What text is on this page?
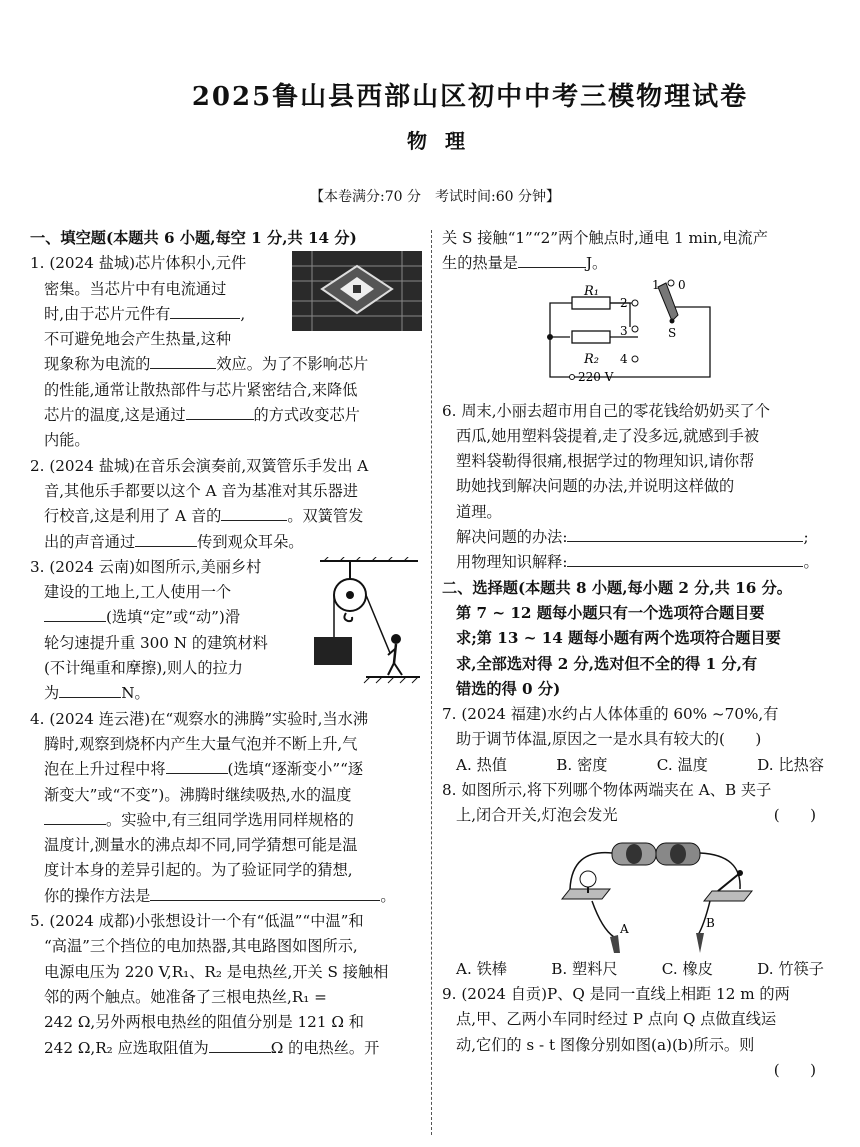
2025鲁山县西部山区初中中考三模物理试卷
物理
【本卷满分:70 分　考试时间:60 分钟】

一、填空题(本题共 6 小题,每空 1 分,共 14 分)

1. (2024 盐城)芯片体积小,元件

密集。当芯片中有电流通过

时,由于芯片元件有	,

不可避免地会产生热量,这种

现象称为电流的	效应。为了不影响芯片

的性能,通常让散热部件与芯片紧密结合,来降低

芯片的温度,这是通过	的方式改变芯片

内能。

2. (2024 盐城)在音乐会演奏前,双簧管乐手发出 A

音,其他乐手都要以这个 A 音为基准对其乐器进

行校音,这是利用了 A 音的	。双簧管发

出的声音通过	传到观众耳朵。

3. (2024 云南)如图所示,美丽乡村

建设的工地上,工人使用一个

(选填“定”或“动”)滑

轮匀速提升重 300 N 的建筑材料

(不计绳重和摩擦),则人的拉力

为	N。

4. (2024 连云港)在“观察水的沸腾”实验时,当水沸

腾时,观察到烧杯内产生大量气泡并不断上升,气

泡在上升过程中将	(选填“逐渐变小”“逐

渐变大”或“不变”)。沸腾时继续吸热,水的温度

。实验中,有三组同学选用同样规格的

温度计,测量水的沸点却不同,同学猜想可能是温

度计本身的差异引起的。为了验证同学的猜想,

你的操作方法是	。

5. (2024 成都)小张想设计一个有“低温”“中温”和

“高温”三个挡位的电加热器,其电路图如图所示,

电源电压为 220 V,R₁、R₂ 是电热丝,开关 S 接触相

邻的两个触点。她准备了三根电热丝,R₁ =

242 Ω,另外两根电热丝的阻值分别是 121 Ω 和

242 Ω,R₂ 应选取阻值为	Ω 的电热丝。开

关 S 接触“1”“2”两个触点时,通电 1 min,电流产

生的热量是	J。

R₁
R₂
1 0
2
3
4
S
220 V

6. 周末,小丽去超市用自己的零花钱给奶奶买了个

西瓜,她用塑料袋提着,走了没多远,就感到手被

塑料袋勒得很痛,根据学过的物理知识,请你帮

助她找到解决问题的办法,并说明这样做的

道理。

解决问题的办法:	;

用物理知识解释:	。

二、选择题(本题共 8 小题,每小题 2 分,共 16 分。

第 7 ~ 12 题每小题只有一个选项符合题目要

求;第 13 ~ 14 题每小题有两个选项符合题目要

求,全部选对得 2 分,选对但不全的得 1 分,有

错选的得 0 分)

7. (2024 福建)水约占人体体重的 60% ~70%,有

助于调节体温,原因之一是水具有较大的(　　)

A. 热值	B. 密度	C. 温度	D. 比热容

8. 如图所示,将下列哪个物体两端夹在 A、B 夹子

上,闭合开关,灯泡会发光	(　　)

A	B
A. 铁棒	B. 塑料尺	C. 橡皮	D. 竹筷子

9. (2024 自贡)P、Q 是同一直线上相距 12 m 的两

点,甲、乙两小车同时经过 P 点向 Q 点做直线运

动,它们的 s - t 图像分别如图(a)(b)所示。则

(　　)
